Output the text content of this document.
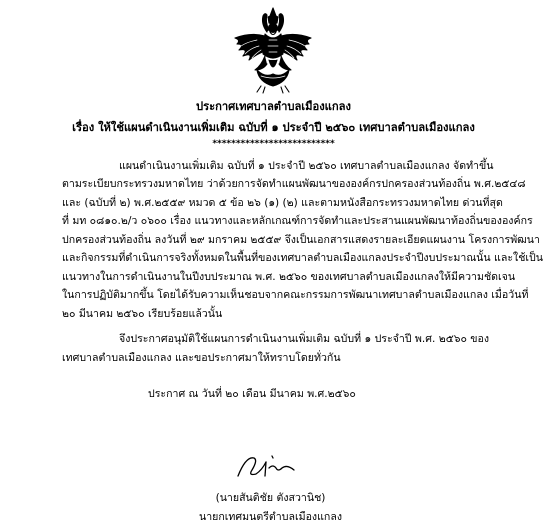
ประกาศเทศบาลตำบลเมืองแกลง
เรื่อง ให้ใช้แผนดำเนินงานเพิ่มเติม ฉบับที่ ๑ ประจำปี ๒๕๖๐ เทศบาลตำบลเมืองแกลง
**************************
แผนดำเนินงานเพิ่มเติม ฉบับที่ ๑ ประจำปี ๒๕๖๐ เทศบาลตำบลเมืองแกลง จัดทำขึ้น
ตามระเบียบกระทรวงมหาดไทย ว่าด้วยการจัดทำแผนพัฒนาขององค์กรปกครองส่วนท้องถิ่น พ.ศ.๒๕๔๘
และ (ฉบับที่ ๒) พ.ศ.๒๕๕๙ หมวด ๕ ข้อ ๒๖ (๑) (๒) และตามหนังสือกระทรวงมหาดไทย ด่วนที่สุด
ที่ มท ๐๘๑๐.๒/ว ๐๖๐๐ เรื่อง แนวทางและหลักเกณฑ์การจัดทำและประสานแผนพัฒนาท้องถิ่นขององค์กร
ปกครองส่วนท้องถิ่น ลงวันที่ ๒๙ มกราคม ๒๕๕๙ จึงเป็นเอกสารแสดงรายละเอียดแผนงาน โครงการพัฒนา
และกิจกรรมที่ดำเนินการจริงทั้งหมดในพื้นที่ของเทศบาลตำบลเมืองแกลงประจำปีงบประมาณนั้น และใช้เป็น
แนวทางในการดำเนินงานในปีงบประมาณ พ.ศ. ๒๕๖๐ ของเทศบาลตำบลเมืองแกลงให้มีความชัดเจน
ในการปฏิบัติมากขึ้น โดยได้รับความเห็นชอบจากคณะกรรมการพัฒนาเทศบาลตำบลเมืองแกลง เมื่อวันที่
๒๐ มีนาคม ๒๕๖๐ เรียบร้อยแล้วนั้น
จึงประกาศอนุมัติใช้แผนการดำเนินงานเพิ่มเติม ฉบับที่ ๑ ประจำปี พ.ศ. ๒๕๖๐ ของ
เทศบาลตำบลเมืองแกลง และขอประกาศมาให้ทราบโดยทั่วกัน
ประกาศ ณ วันที่ ๒๐ เดือน มีนาคม พ.ศ.๒๕๖๐
(นายสันติชัย ตังสวานิช)
นายกเทศมนตรีตำบลเมืองแกลง
